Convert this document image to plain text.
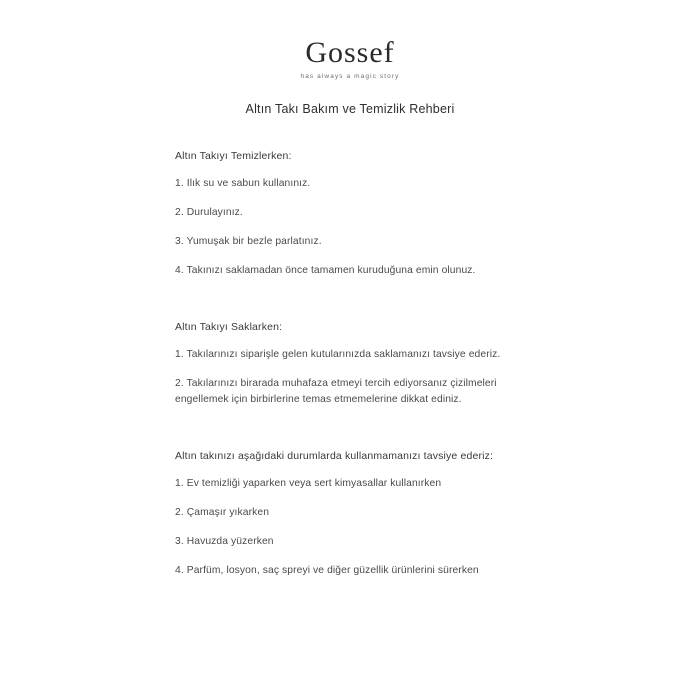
Gossef
has always a magic story
Altın Takı Bakım ve Temizlik Rehberi
Altın Takıyı Temizlerken:
1. Ilık su ve sabun kullanınız.
2. Durulayınız.
3. Yumuşak bir bezle parlatınız.
4. Takınızı saklamadan önce tamamen kuruduğuna emin olunuz.
Altın Takıyı Saklarken:
1. Takılarınızı siparişle gelen kutularınızda saklamanızı tavsiye ederiz.
2. Takılarınızı birarada muhafaza etmeyi tercih ediyorsanız çizilmeleri engellemek için birbirlerine temas etmemelerine dikkat ediniz.
Altın takınızı aşağıdaki durumlarda kullanmamanızı tavsiye ederiz:
1. Ev temizliği yaparken veya sert kimyasallar kullanırken
2. Çamaşır yıkarken
3. Havuzda yüzerken
4. Parfüm, losyon, saç spreyi ve diğer güzellik ürünlerini sürerken
